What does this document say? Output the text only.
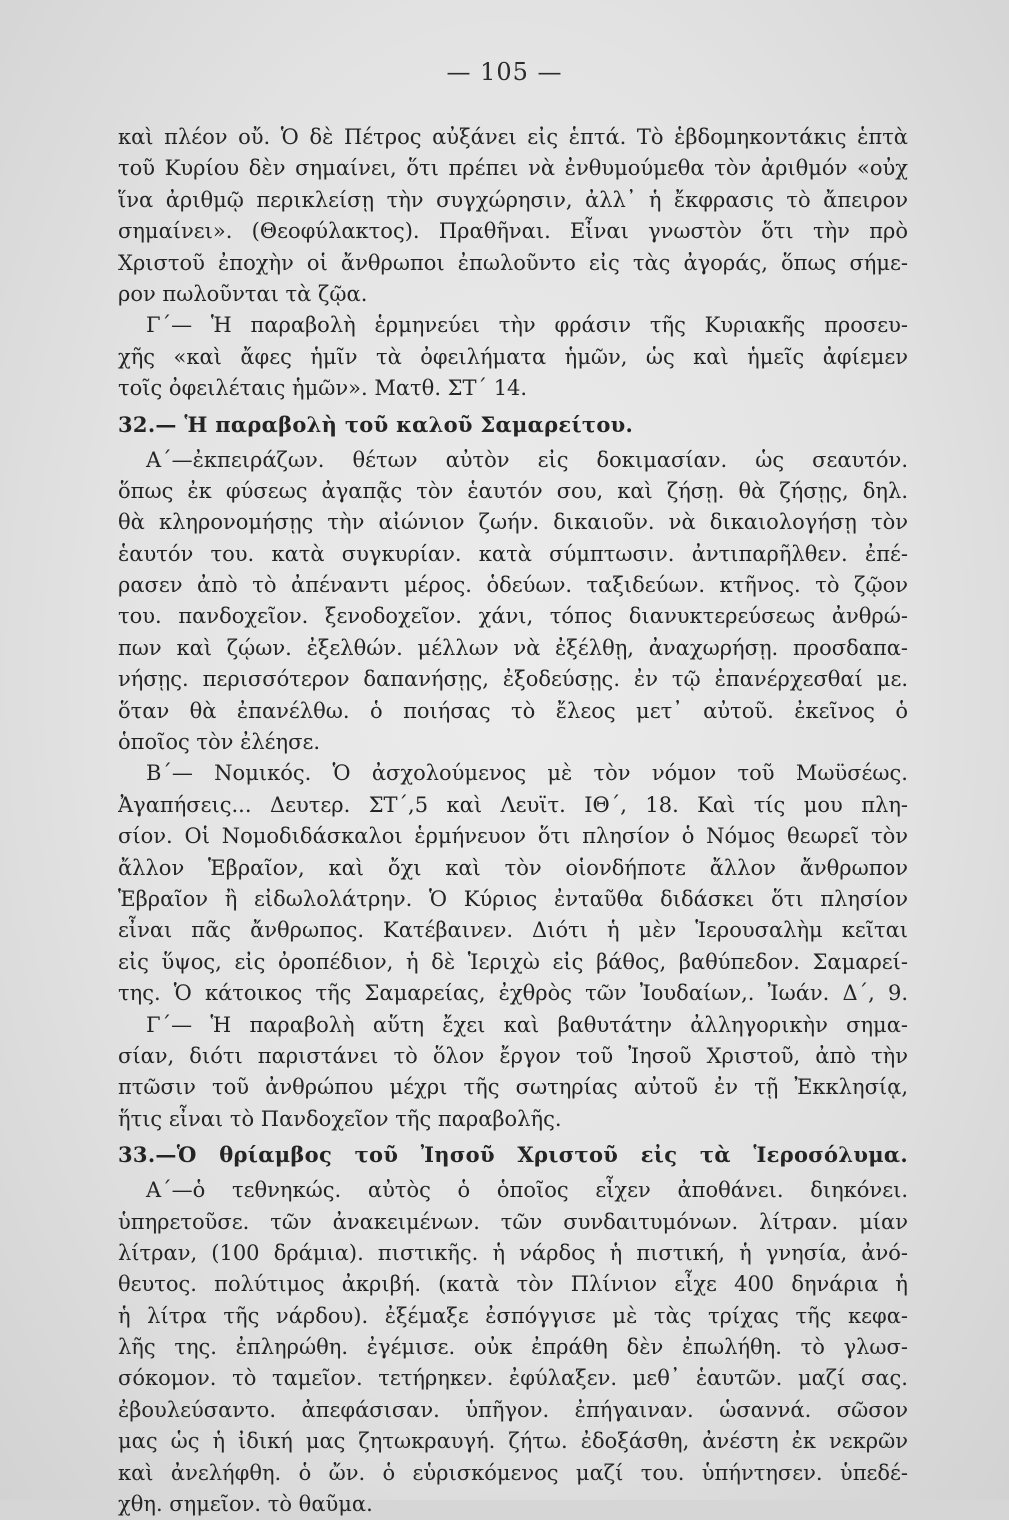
— 105 —
καὶ πλέον οὔ. Ὁ δὲ Πέτρος αὐξάνει εἰς ἑπτά. Τὸ ἑβδομηκοντάκις ἑπτὰ
τοῦ Κυρίου δὲν σημαίνει, ὅτι πρέπει νὰ ἐνθυμούμεθα τὸν ἀριθμόν «οὐχ
ἵνα ἀριθμῷ περικλείσῃ τὴν συγχώρησιν, ἀλλ᾿ ἡ ἔκφρασις τὸ ἄπειρον
σημαίνει». (Θεοφύλακτος). Πραθῆναι. Εἶναι γνωστὸν ὅτι τὴν πρὸ
Χριστοῦ ἐποχὴν οἱ ἄνθρωποι ἐπωλοῦντο εἰς τὰς ἀγοράς, ὅπως σήμε-
ρον πωλοῦνται τὰ ζῷα.
Γ΄— Ἡ παραβολὴ ἑρμηνεύει τὴν φράσιν τῆς Κυριακῆς προσευ-
χῆς «καὶ ἄφες ἡμῖν τὰ ὀφειλήματα ἡμῶν, ὡς καὶ ἡμεῖς ἀφίεμεν
τοῖς ὀφειλέταις ἡμῶν». Ματθ. ΣΤ΄ 14.
32.— Ἡ παραβολὴ τοῦ καλοῦ Σαμαρείτου.
Α΄—ἐκπειράζων. θέτων αὐτὸν εἰς δοκιμασίαν. ὡς σεαυτόν.
ὅπως ἐκ φύσεως ἀγαπᾷς τὸν ἑαυτόν σου, καὶ ζήσῃ. θὰ ζήσῃς, δηλ.
θὰ κληρονομήσῃς τὴν αἰώνιον ζωήν. δικαιοῦν. νὰ δικαιολογήσῃ τὸν
ἑαυτόν του. κατὰ συγκυρίαν. κατὰ σύμπτωσιν. ἀντιπαρῆλθεν. ἐπέ-
ρασεν ἀπὸ τὸ ἀπέναντι μέρος. ὁδεύων. ταξιδεύων. κτῆνος. τὸ ζῷον
του. πανδοχεῖον. ξενοδοχεῖον. χάνι, τόπος διανυκτερεύσεως ἀνθρώ-
πων καὶ ζῴων. ἐξελθών. μέλλων νὰ ἐξέλθῃ, ἀναχωρήσῃ. προσδαπα-
νήσῃς. περισσότερον δαπανήσῃς, ἐξοδεύσῃς. ἐν τῷ ἐπανέρχεσθαί με.
ὅταν θὰ ἐπανέλθω. ὁ ποιήσας τὸ ἔλεος μετ᾿ αὐτοῦ. ἐκεῖνος ὁ
ὁποῖος τὸν ἐλέησε.
Β΄— Νομικός. Ὁ ἀσχολούμενος μὲ τὸν νόμον τοῦ Μωϋσέως.
Ἀγαπήσεις... Δευτερ. ΣΤ΄,5 καὶ Λευϊτ. ΙΘ΄, 18. Καὶ τίς μου πλη-
σίον. Οἱ Νομοδιδάσκαλοι ἑρμήνευον ὅτι πλησίον ὁ Νόμος θεωρεῖ τὸν
ἄλλον Ἑβραῖον, καὶ ὄχι καὶ τὸν οἱονδήποτε ἄλλον ἄνθρωπον
Ἑβραῖον ἢ εἰδωλολάτρην. Ὁ Κύριος ἐνταῦθα διδάσκει ὅτι πλησίον
εἶναι πᾶς ἄνθρωπος. Κατέβαινεν. Διότι ἡ μὲν Ἱερουσαλὴμ κεῖται
εἰς ὕψος, εἰς ὀροπέδιον, ἡ δὲ Ἱεριχὼ εἰς βάθος, βαθύπεδον. Σαμαρεί-
της. Ὁ κάτοικος τῆς Σαμαρείας, ἐχθρὸς τῶν Ἰουδαίων,. Ἰωάν. Δ΄, 9.
Γ΄— Ἡ παραβολὴ αὕτη ἔχει καὶ βαθυτάτην ἀλληγορικὴν σημα-
σίαν, διότι παριστάνει τὸ ὅλον ἔργον τοῦ Ἰησοῦ Χριστοῦ, ἀπὸ τὴν
πτῶσιν τοῦ ἀνθρώπου μέχρι τῆς σωτηρίας αὐτοῦ ἐν τῇ Ἐκκλησίᾳ,
ἥτις εἶναι τὸ Πανδοχεῖον τῆς παραβολῆς.
33.—Ὁ θρίαμβος τοῦ Ἰησοῦ Χριστοῦ εἰς τὰ Ἱεροσόλυμα.
Α΄—ὁ τεθνηκώς. αὐτὸς ὁ ὁποῖος εἶχεν ἀποθάνει. διηκόνει.
ὑπηρετοῦσε. τῶν ἀνακειμένων. τῶν συνδαιτυμόνων. λίτραν. μίαν
λίτραν, (100 δράμια). πιστικῆς. ἡ νάρδος ἡ πιστική, ἡ γνησία, ἀνό-
θευτος. πολύτιμος ἀκριβή. (κατὰ τὸν Πλίνιον εἶχε 400 δηνάρια ἡ
ἡ λίτρα τῆς νάρδου). ἐξέμαξε ἐσπόγγισε μὲ τὰς τρίχας τῆς κεφα-
λῆς της. ἐπληρώθη. ἐγέμισε. οὐκ ἐπράθη δὲν ἐπωλήθη. τὸ γλωσ-
σόκομον. τὸ ταμεῖον. τετήρηκεν. ἐφύλαξεν. μεθ᾿ ἑαυτῶν. μαζί σας.
ἐβουλεύσαντο. ἀπεφάσισαν. ὑπῆγον. ἐπήγαιναν. ὡσαννά. σῶσον
μας ὡς ἡ ἰδική μας ζητωκραυγή. ζήτω. ἐδοξάσθη, ἀνέστη ἐκ νεκρῶν
καὶ ἀνελήφθη. ὁ ὤν. ὁ εὑρισκόμενος μαζί του. ὑπήντησεν. ὑπεδέ-
χθη. σημεῖον. τὸ θαῦμα.
